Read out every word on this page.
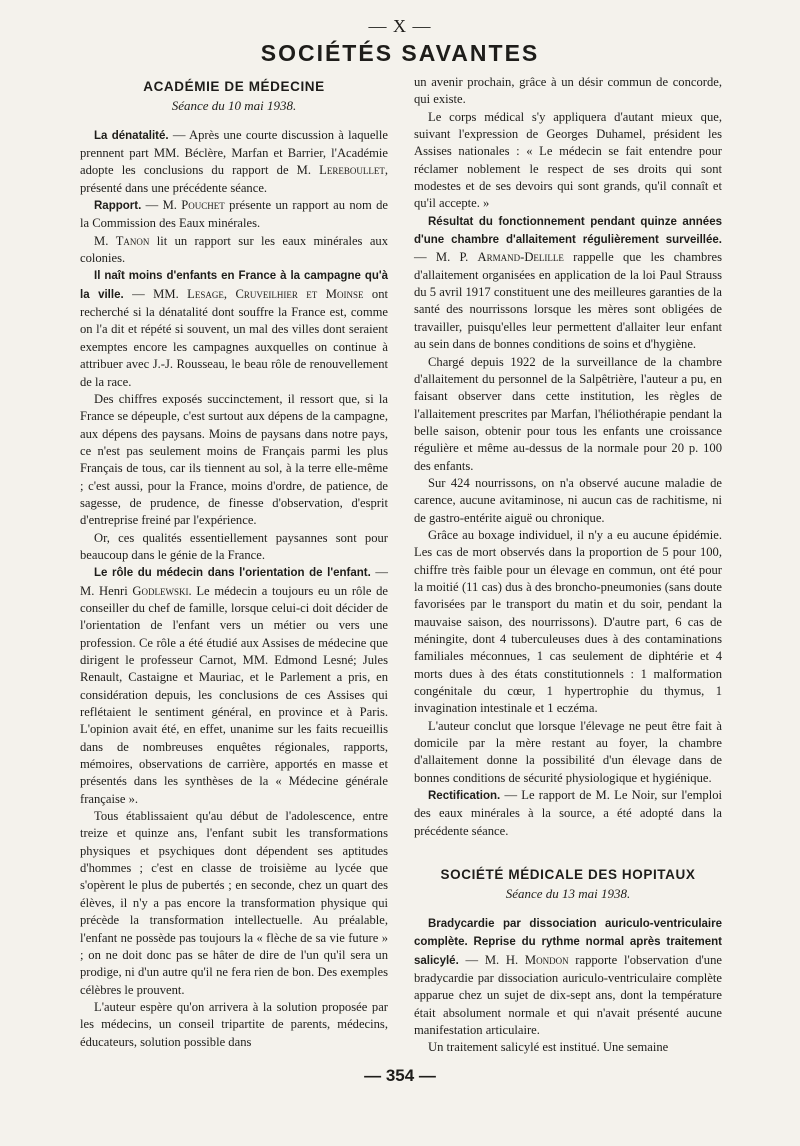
— X —
SOCIÉTÉS SAVANTES
ACADÉMIE DE MÉDECINE
Séance du 10 mai 1938.

La dénatalité. — Après une courte discussion à laquelle prennent part MM. Béclère, Marfan et Barrier, l'Académie adopte les conclusions du rapport de M. Lereboullet, présenté dans une précédente séance.

Rapport. — M. Pouchet présente un rapport au nom de la Commission des Eaux minérales.

M. Tanon lit un rapport sur les eaux minérales aux colonies.

Il naît moins d'enfants en France à la campagne qu'à la ville. — MM. Lesage, Cruveilhier et Moinse ont recherché si la dénatalité dont souffre la France est, comme on l'a dit et répété si souvent, un mal des villes dont seraient exemptes encore les campagnes auxquelles on continue à attribuer avec J.-J. Rousseau, le beau rôle de renouvellement de la race.

Des chiffres exposés succinctement, il ressort que, si la France se dépeuple, c'est surtout aux dépens de la campagne, aux dépens des paysans. Moins de paysans dans notre pays, ce n'est pas seulement moins de Français parmi les plus Français de tous, car ils tiennent au sol, à la terre elle-même ; c'est aussi, pour la France, moins d'ordre, de patience, de sagesse, de prudence, de finesse d'observation, d'esprit d'entreprise freiné par l'expérience.

Or, ces qualités essentiellement paysannes sont pour beaucoup dans le génie de la France.

Le rôle du médecin dans l'orientation de l'enfant. — M. Henri Godlewski. Le médecin a toujours eu un rôle de conseiller du chef de famille, lorsque celui-ci doit décider de l'orientation de l'enfant vers un métier ou vers une profession. Ce rôle a été étudié aux Assises de médecine que dirigent le professeur Carnot, MM. Edmond Lesné; Jules Renault, Castaigne et Mauriac, et le Parlement a pris, en considération depuis, les conclusions de ces Assises qui reflétaient le sentiment général, en province et à Paris. L'opinion avait été, en effet, unanime sur les faits recueillis dans de nombreuses enquêtes régionales, rapports, mémoires, observations de carrière, apportés en masse et présentés dans les synthèses de la « Médecine générale française ».

Tous établissaient qu'au début de l'adolescence, entre treize et quinze ans, l'enfant subit les transformations physiques et psychiques dont dépendent ses aptitudes d'hommes ; c'est en classe de troisième au lycée que s'opèrent le plus de pubertés ; en seconde, chez un quart des élèves, il n'y a pas encore la transformation physique qui précède la transformation intellectuelle. Au préalable, l'enfant ne possède pas toujours la « flèche de sa vie future » ; on ne doit donc pas se hâter de dire de l'un qu'il sera un prodige, ni d'un autre qu'il ne fera rien de bon. Des exemples célèbres le prouvent.

L'auteur espère qu'on arrivera à la solution proposée par les médecins, un conseil tripartite de parents, médecins, éducateurs, solution possible dans

un avenir prochain, grâce à un désir commun de concorde, qui existe.

Le corps médical s'y appliquera d'autant mieux que, suivant l'expression de Georges Duhamel, président les Assises nationales : « Le médecin se fait entendre pour réclamer noblement le respect de ses droits qui sont modestes et de ses devoirs qui sont grands, qu'il connaît et qu'il accepte. »

Résultat du fonctionnement pendant quinze années d'une chambre d'allaitement régulièrement surveillée. — M. P. Armand-Delille rappelle que les chambres d'allaitement organisées en application de la loi Paul Strauss du 5 avril 1917 constituent une des meilleures garanties de la santé des nourrissons lorsque les mères sont obligées de travailler, puisqu'elles leur permettent d'allaiter leur enfant au sein dans de bonnes conditions de soins et d'hygiène.

Chargé depuis 1922 de la surveillance de la chambre d'allaitement du personnel de la Salpêtrière, l'auteur a pu, en faisant observer dans cette institution, les règles de l'allaitement prescrites par Marfan, l'héliothérapie pendant la belle saison, obtenir pour tous les enfants une croissance régulière et même au-dessus de la normale pour 20 p. 100 des enfants.

Sur 424 nourrissons, on n'a observé aucune maladie de carence, aucune avitaminose, ni aucun cas de rachitisme, ni de gastro-entérite aiguë ou chronique.

Grâce au boxage individuel, il n'y a eu aucune épidémie. Les cas de mort observés dans la proportion de 5 pour 100, chiffre très faible pour un élevage en commun, ont été pour la moitié (11 cas) dus à des broncho-pneumonies (sans doute favorisées par le transport du matin et du soir, pendant la mauvaise saison, des nourrissons). D'autre part, 6 cas de méningite, dont 4 tuberculeuses dues à des contaminations familiales méconnues, 1 cas seulement de diphtérie et 4 morts dues à des états constitutionnels : 1 malformation congénitale du cœur, 1 hypertrophie du thymus, 1 invagination intestinale et 1 eczéma.

L'auteur conclut que lorsque l'élevage ne peut être fait à domicile par la mère restant au foyer, la chambre d'allaitement donne la possibilité d'un élevage dans de bonnes conditions de sécurité physiologique et hygiénique.

Rectification. — Le rapport de M. Le Noir, sur l'emploi des eaux minérales à la source, a été adopté dans la précédente séance.

SOCIÉTÉ MÉDICALE DES HOPITAUX
Séance du 13 mai 1938.

Bradycardie par dissociation auriculo-ventriculaire complète. Reprise du rythme normal après traitement salicylé. — M. H. Mondon rapporte l'observation d'une bradycardie par dissociation auriculo-ventriculaire complète apparue chez un sujet de dix-sept ans, dont la température était absolument normale et qui n'avait présenté aucune manifestation articulaire.

Un traitement salicylé est institué. Une semaine

— 354 —
